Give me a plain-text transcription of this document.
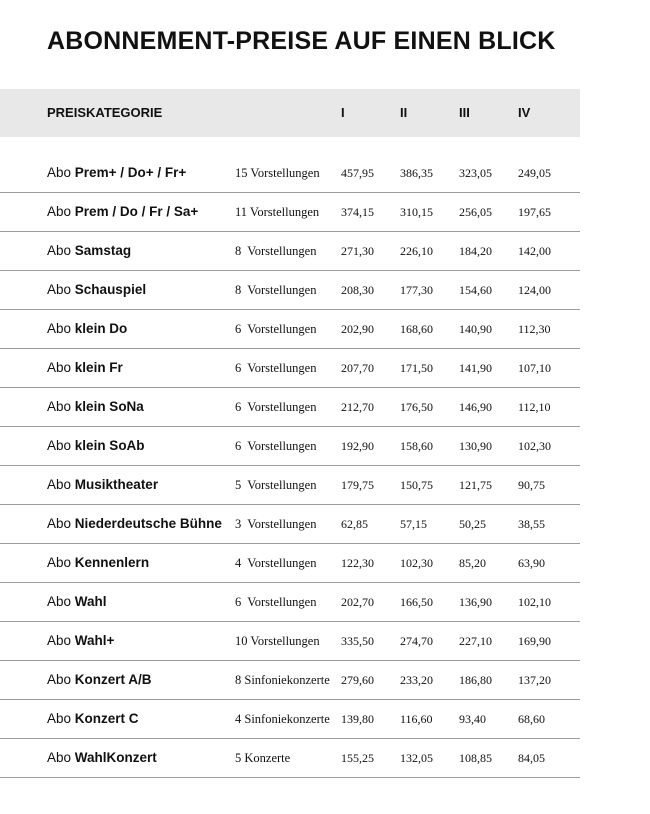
ABONNEMENT-PREISE AUF EINEN BLICK
PREISKATEGORIE	I	II	III	IV
Abo Prem+ / Do+ / Fr+	15 Vorstellungen 457,95 386,35 323,05 249,05
Abo Prem / Do / Fr / Sa+	11 Vorstellungen 374,15 310,15 256,05 197,65
Abo Samstag	8  Vorstellungen 271,30 226,10 184,20 142,00
Abo Schauspiel	8  Vorstellungen 208,30 177,30 154,60 124,00
Abo klein Do	6  Vorstellungen 202,90 168,60 140,90 112,30
Abo klein Fr	6  Vorstellungen 207,70 171,50 141,90 107,10
Abo klein SoNa	6  Vorstellungen 212,70 176,50 146,90 112,10
Abo klein SoAb	6  Vorstellungen 192,90 158,60 130,90 102,30
Abo Musiktheater	5  Vorstellungen 179,75 150,75 121,75 90,75
Abo Niederdeutsche Bühne 3  Vorstellungen 62,85	57,15	50,25	38,55
Abo Kennenlern	4  Vorstellungen 122,30 102,30 85,20	63,90
Abo Wahl	6  Vorstellungen 202,70 166,50 136,90 102,10
Abo Wahl+	10 Vorstellungen 335,50 274,70 227,10 169,90
Abo Konzert A/B	8 Sinfoniekonzerte 279,60 233,20 186,80 137,20
Abo Konzert C	4 Sinfoniekonzerte 139,80 116,60 93,40	68,60
Abo WahlKonzert	5 Konzerte	155,25 132,05 108,85 84,05
